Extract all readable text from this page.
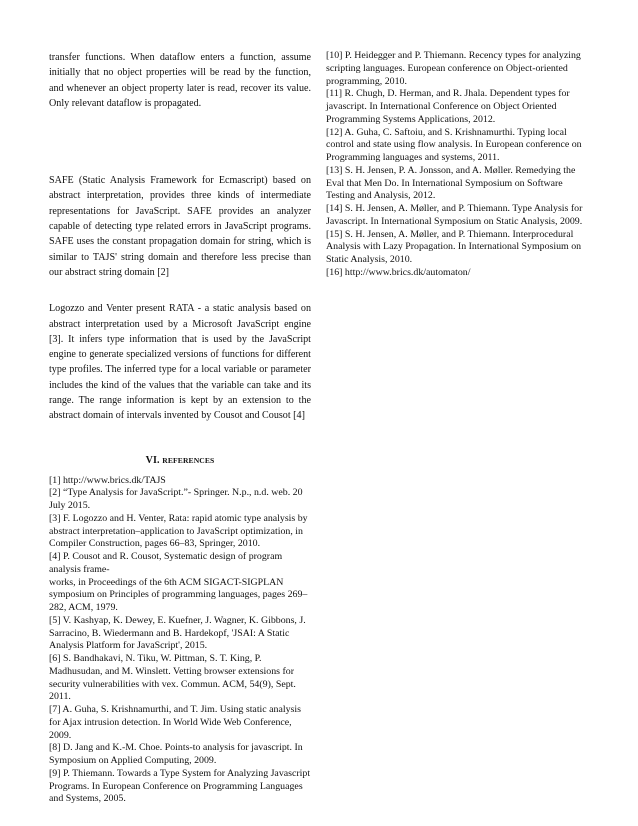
transfer functions. When dataflow enters a function, assume initially that no object properties will be read by the function, and whenever an object property later is read, recover its value. Only relevant dataflow is propagated.

SAFE (Static Analysis Framework for Ecmascript) based on abstract interpretation, provides three kinds of intermediate representations for JavaScript. SAFE provides an analyzer capable of detecting type related errors in JavaScript programs. SAFE uses the constant propagation domain for string, which is similar to TAJS' string domain and therefore less precise than our abstract string domain [2]

Logozzo and Venter present RATA - a static analysis based on abstract interpretation used by a Microsoft JavaScript engine [3]. It infers type information that is used by the JavaScript engine to generate specialized versions of functions for different type profiles. The inferred type for a local variable or parameter includes the kind of the values that the variable can take and its range. The range information is kept by an extension to the abstract domain of intervals invented by Cousot and Cousot [4]

VI. REFERENCES
[1] http://www.brics.dk/TAJS
[2] “Type Analysis for JavaScript.”- Springer. N.p., n.d. web. 20 July 2015.
[3] F. Logozzo and H. Venter, Rata: rapid atomic type analysis by abstract interpretation–application to JavaScript optimization, in Compiler Construction, pages 66–83, Springer, 2010.
[4] P. Cousot and R. Cousot, Systematic design of program analysis frame-
works, in Proceedings of the 6th ACM SIGACT-SIGPLAN symposium on Principles of programming languages, pages 269–282, ACM, 1979.
[5] V. Kashyap, K. Dewey, E. Kuefner, J. Wagner, K. Gibbons, J. Sarracino, B. Wiedermann and B. Hardekopf, 'JSAI: A Static Analysis Platform for JavaScript', 2015.
[6] S. Bandhakavi, N. Tiku, W. Pittman, S. T. King, P. Madhusudan, and M. Winslett. Vetting browser extensions for security vulnerabilities with vex. Commun. ACM, 54(9), Sept. 2011.
[7] A. Guha, S. Krishnamurthi, and T. Jim. Using static analysis for Ajax intrusion detection. In World Wide Web Conference, 2009.
[8] D. Jang and K.-M. Choe. Points-to analysis for javascript. In Symposium on Applied Computing, 2009.
[9] P. Thiemann. Towards a Type System for Analyzing Javascript Programs. In European Conference on Programming Languages and Systems, 2005.
[10] P. Heidegger and P. Thiemann. Recency types for analyzing scripting languages. European conference on Object-oriented programming, 2010.
[11] R. Chugh, D. Herman, and R. Jhala. Dependent types for javascript. In International Conference on Object Oriented Programming Systems Applications, 2012.
[12] A. Guha, C. Saftoiu, and S. Krishnamurthi. Typing local control and state using flow analysis. In European conference on Programming languages and systems, 2011.
[13] S. H. Jensen, P. A. Jonsson, and A. Møller. Remedying the Eval that Men Do. In International Symposium on Software Testing and Analysis, 2012.
[14] S. H. Jensen, A. Møller, and P. Thiemann. Type Analysis for Javascript. In International Symposium on Static Analysis, 2009.
[15] S. H. Jensen, A. Møller, and P. Thiemann. Interprocedural Analysis with Lazy Propagation. In International Symposium on Static Analysis, 2010.
[16] http://www.brics.dk/automaton/
